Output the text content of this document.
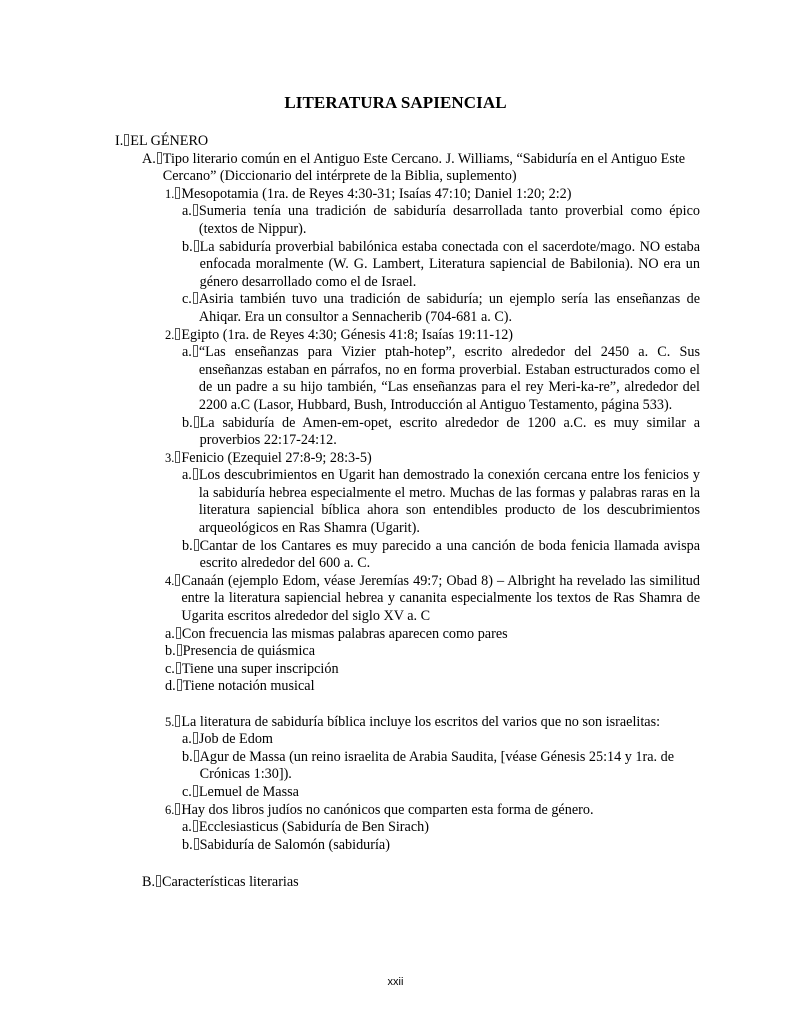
LITERATURA SAPIENCIAL
I. EL GÉNERO
A. Tipo literario común en el Antiguo Este Cercano. J. Williams, “Sabiduría en el Antiguo Este Cercano” (Diccionario del intérprete de la Biblia, suplemento)
1. Mesopotamia (1ra. de Reyes 4:30-31; Isaías 47:10; Daniel 1:20; 2:2)
a. Sumeria tenía una tradición de sabiduría desarrollada tanto proverbial como épico (textos de Nippur).
b. La sabiduría proverbial babilónica estaba conectada con el sacerdote/mago. NO estaba enfocada moralmente (W. G. Lambert, Literatura sapiencial de Babilonia). NO era un género desarrollado como el de Israel.
c. Asiria también tuvo una tradición de sabiduría; un ejemplo sería las enseñanzas de Ahiqar. Era un consultor a Sennacherib (704-681 a. C).
2. Egipto (1ra. de Reyes 4:30; Génesis 41:8; Isaías 19:11-12)
a. “Las enseñanzas para Vizier ptah-hotep”, escrito alrededor del 2450 a. C. Sus enseñanzas estaban en párrafos, no en forma proverbial. Estaban estructurados como el de un padre a su hijo también, “Las enseñanzas para el rey Meri-ka-re”, alrededor del 2200 a.C (Lasor, Hubbard, Bush, Introducción al Antiguo Testamento, página 533).
b. La sabiduría de Amen-em-opet, escrito alrededor de 1200 a.C. es muy similar a proverbios 22:17-24:12.
3. Fenicio (Ezequiel 27:8-9; 28:3-5)
a. Los descubrimientos en Ugarit han demostrado la conexión cercana entre los fenicios y la sabiduría hebrea especialmente el metro. Muchas de las formas y palabras raras en la literatura sapiencial bíblica ahora son entendibles producto de los descubrimientos arqueológicos en Ras Shamra (Ugarit).
b. Cantar de los Cantares es muy parecido a una canción de boda fenicia llamada avispa escrito alrededor del 600 a. C.
4. Canaán (ejemplo Edom, véase Jeremías 49:7; Obad 8) – Albright ha revelado las similitud entre la literatura sapiencial hebrea y cananita especialmente los textos de Ras Shamra de Ugarita escritos alrededor del siglo XV a. C
a. Con frecuencia las mismas palabras aparecen como pares
b. Presencia de quiásmica
c. Tiene una super inscripción
d. Tiene notación musical
5. La literatura de sabiduría bíblica incluye los escritos del varios que no son israelitas:
a. Job de Edom
b. Agur de Massa (un reino israelita de Arabia Saudita, [véase Génesis 25:14 y 1ra. de Crónicas 1:30]).
c. Lemuel de Massa
6. Hay dos libros judíos no canónicos que comparten esta forma de género.
a. Ecclesiasticus (Sabiduría de Ben Sirach)
b. Sabiduría de Salomón (sabiduría)
B. Características literarias
xxii
